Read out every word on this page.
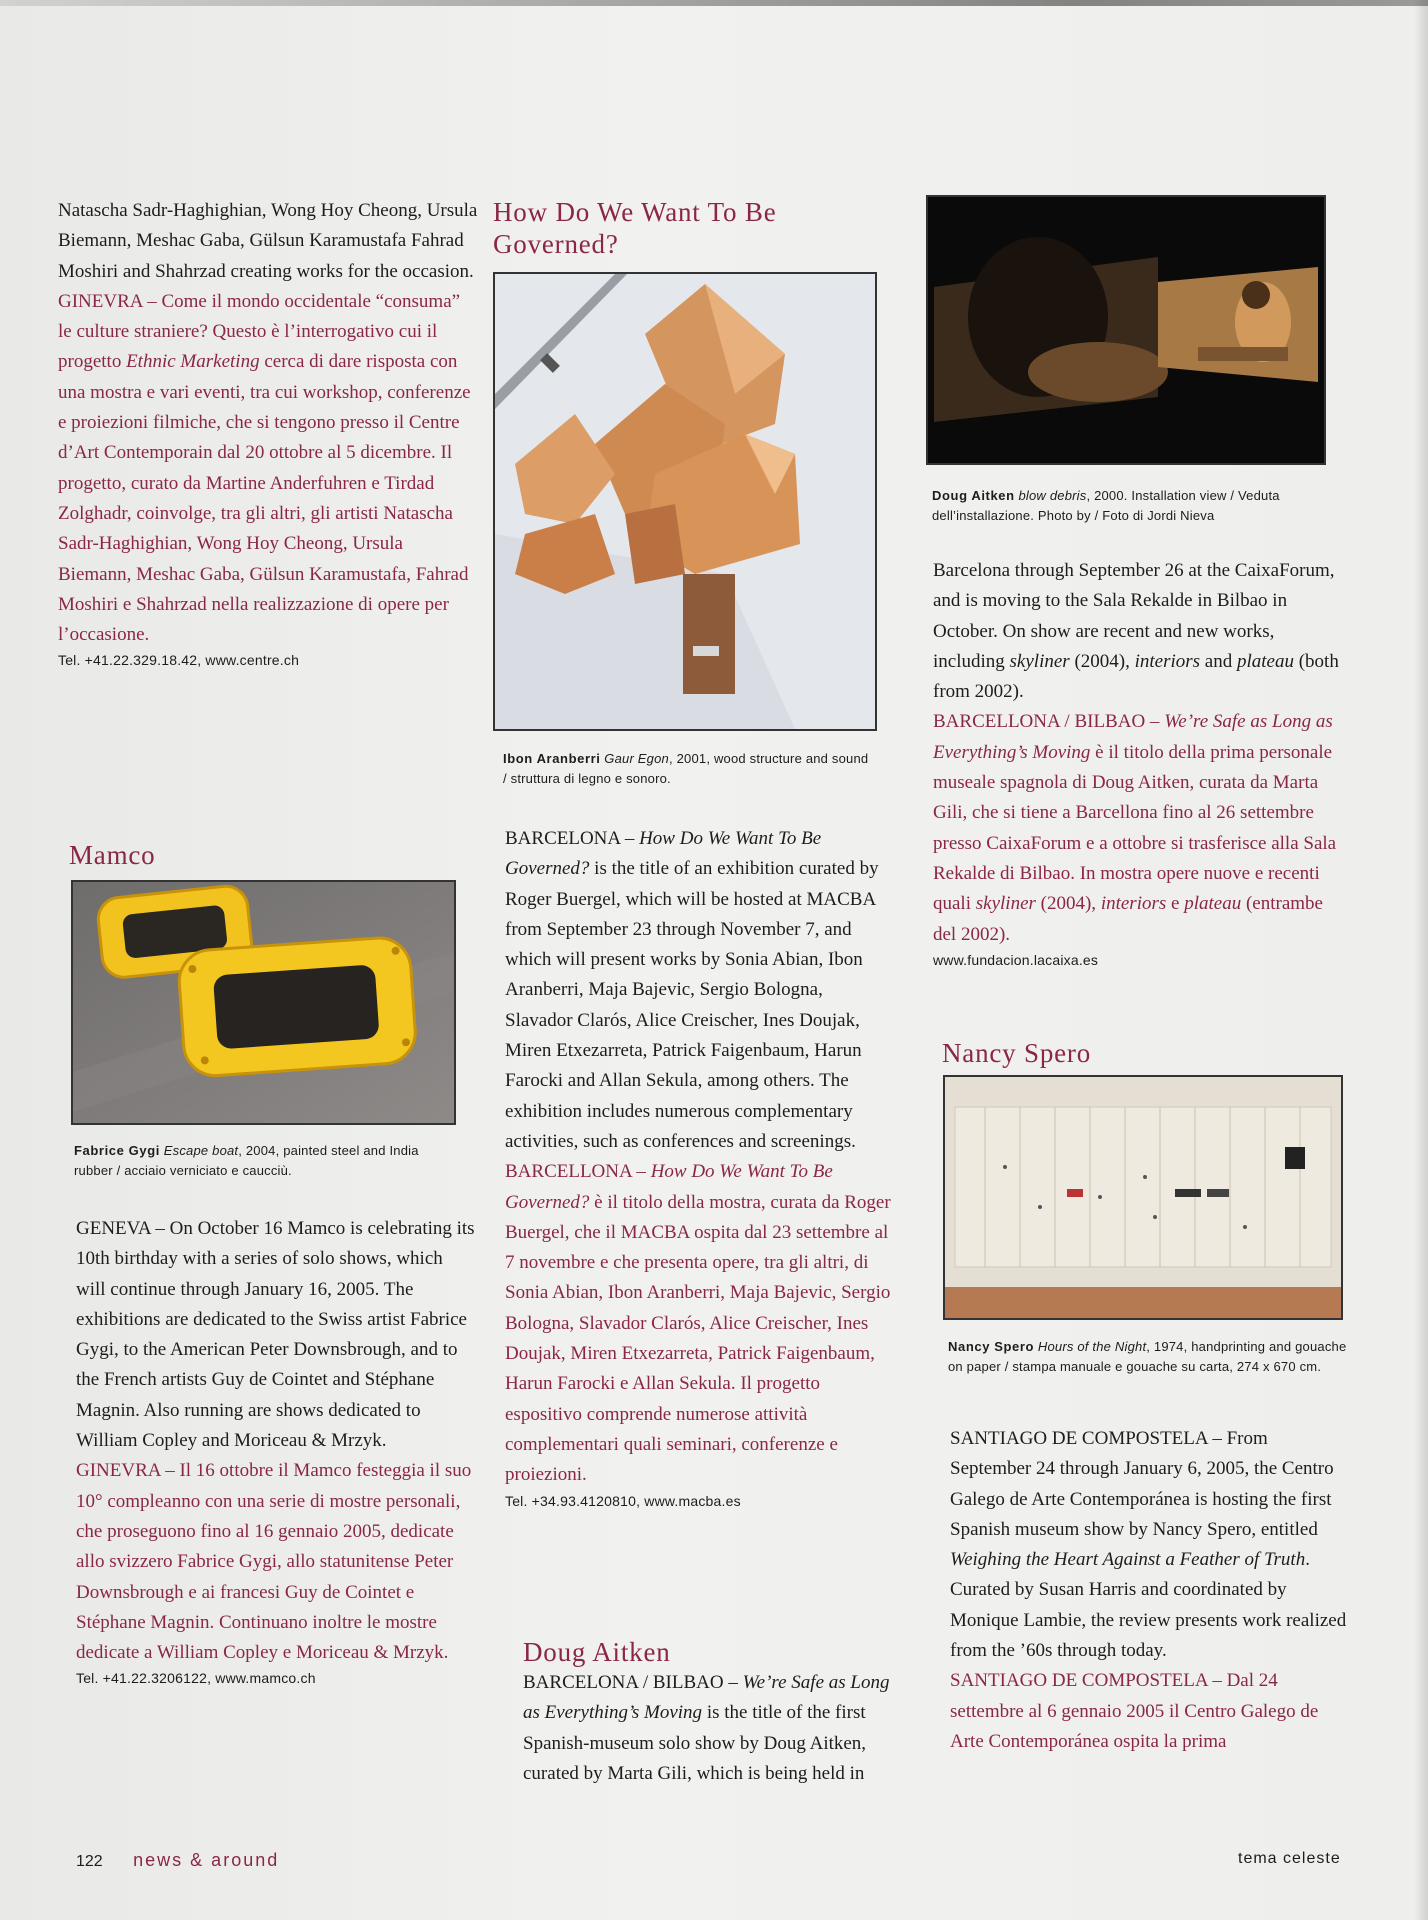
Natascha Sadr-Haghighian, Wong Hoy Cheong, Ursula Biemann, Meshac Gaba, Gülsun Karamustafa Fahrad Moshiri and Shahrzad creating works for the occasion.

GINEVRA – Come il mondo occidentale “consuma” le culture straniere? Questo è l’interrogativo cui il progetto Ethnic Marketing cerca di dare risposta con una mostra e vari eventi, tra cui workshop, conferenze e proiezioni filmiche, che si tengono presso il Centre d’Art Contemporain dal 20 ottobre al 5 dicembre. Il progetto, curato da Martine Anderfuhren e Tirdad Zolghadr, coinvolge, tra gli altri, gli artisti Natascha Sadr-Haghighian, Wong Hoy Cheong, Ursula Biemann, Meshac Gaba, Gülsun Karamustafa, Fahrad Moshiri e Shahrzad nella realizzazione di opere per l’occasione.

Tel. +41.22.329.18.42, www.centre.ch

Mamco

Fabrice Gygi Escape boat, 2004, painted steel and India rubber / acciaio verniciato e caucciù.

GENEVA – On October 16 Mamco is celebrating its 10th birthday with a series of solo shows, which will continue through January 16, 2005. The exhibitions are dedicated to the Swiss artist Fabrice Gygi, to the American Peter Downsbrough, and to the French artists Guy de Cointet and Stéphane Magnin. Also running are shows dedicated to William Copley and Moriceau & Mrzyk.

GINEVRA – Il 16 ottobre il Mamco festeggia il suo 10° compleanno con una serie di mostre personali, che proseguono fino al 16 gennaio 2005, dedicate allo svizzero Fabrice Gygi, allo statunitense Peter Downsbrough e ai francesi Guy de Cointet e Stéphane Magnin. Continuano inoltre le mostre dedicate a William Copley e Moriceau & Mrzyk.

Tel. +41.22.3206122, www.mamco.ch

How Do We Want To Be Governed?

Ibon Aranberri Gaur Egon, 2001, wood structure and sound / struttura di legno e sonoro.

BARCELONA – How Do We Want To Be Governed? is the title of an exhibition curated by Roger Buergel, which will be hosted at MACBA from September 23 through November 7, and which will present works by Sonia Abian, Ibon Aranberri, Maja Bajevic, Sergio Bologna, Slavador Clarós, Alice Creischer, Ines Doujak, Miren Etxezarreta, Patrick Faigenbaum, Harun Farocki and Allan Sekula, among others. The exhibition includes numerous complementary activities, such as conferences and screenings.

BARCELLONA – How Do We Want To Be Governed? è il titolo della mostra, curata da Roger Buergel, che il MACBA ospita dal 23 settembre al 7 novembre e che presenta opere, tra gli altri, di Sonia Abian, Ibon Aranberri, Maja Bajevic, Sergio Bologna, Slavador Clarós, Alice Creischer, Ines Doujak, Miren Etxezarreta, Patrick Faigenbaum, Harun Farocki e Allan Sekula. Il progetto espositivo comprende numerose attività complementari quali seminari, conferenze e proiezioni.

Tel. +34.93.4120810, www.macba.es

Doug Aitken

BARCELONA / BILBAO – We’re Safe as Long as Everything’s Moving is the title of the first Spanish-museum solo show by Doug Aitken, curated by Marta Gili, which is being held in

Doug Aitken blow debris, 2000. Installation view / Veduta dell’installazione. Photo by / Foto di Jordi Nieva

Barcelona through September 26 at the CaixaForum, and is moving to the Sala Rekalde in Bilbao in October. On show are recent and new works, including skyliner (2004), interiors and plateau (both from 2002).

BARCELLONA / BILBAO – We’re Safe as Long as Everything’s Moving è il titolo della prima personale museale spagnola di Doug Aitken, curata da Marta Gili, che si tiene a Barcellona fino al 26 settembre presso CaixaForum e a ottobre si trasferisce alla Sala Rekalde di Bilbao. In mostra opere nuove e recenti quali skyliner (2004), interiors e plateau (entrambe del 2002).

www.fundacion.lacaixa.es

Nancy Spero

Nancy Spero Hours of the Night, 1974, handprinting and gouache on paper / stampa manuale e gouache su carta, 274 x 670 cm.

SANTIAGO DE COMPOSTELA – From September 24 through January 6, 2005, the Centro Galego de Arte Contemporánea is hosting the first Spanish museum show by Nancy Spero, entitled Weighing the Heart Against a Feather of Truth. Curated by Susan Harris and coordinated by Monique Lambie, the review presents work realized from the ’60s through today.

SANTIAGO DE COMPOSTELA – Dal 24 settembre al 6 gennaio 2005 il Centro Galego de Arte Contemporánea ospita la prima

122 news & around	tema celeste
